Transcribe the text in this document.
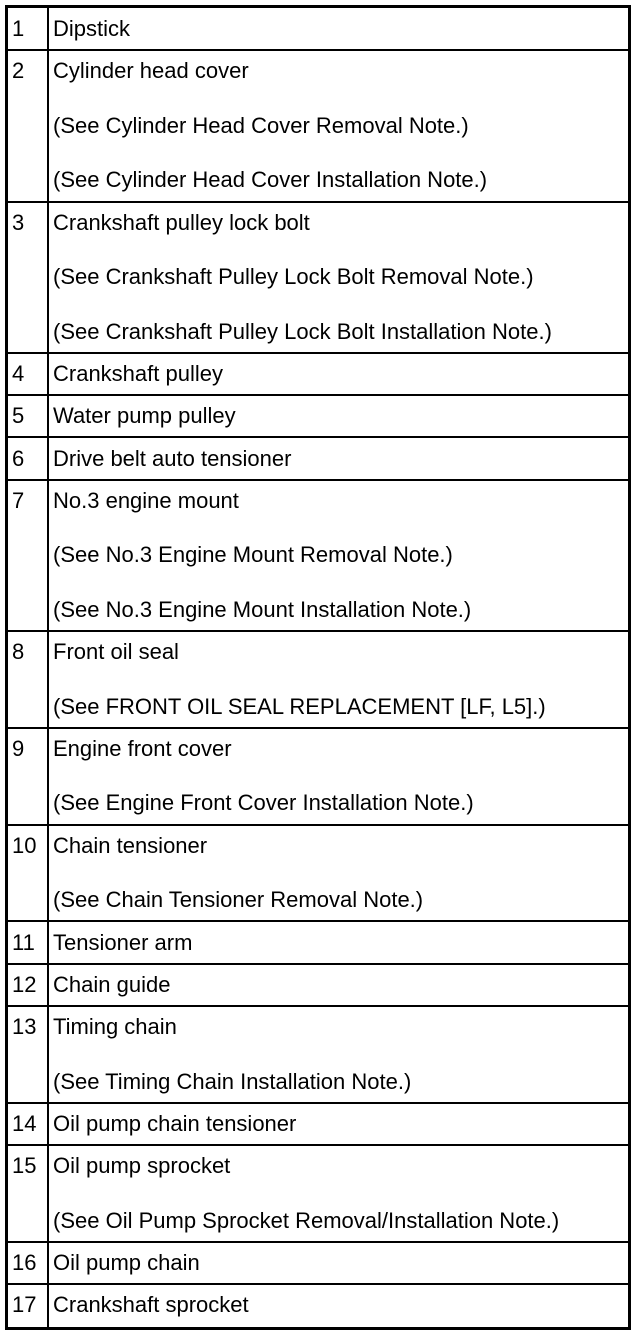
1 Dipstick
2 Cylinder head cover
(See Cylinder Head Cover Removal Note.)
(See Cylinder Head Cover Installation Note.)
3 Crankshaft pulley lock bolt
(See Crankshaft Pulley Lock Bolt Removal Note.)
(See Crankshaft Pulley Lock Bolt Installation Note.)
4 Crankshaft pulley
5 Water pump pulley
6 Drive belt auto tensioner
7 No.3 engine mount
(See No.3 Engine Mount Removal Note.)
(See No.3 Engine Mount Installation Note.)
8 Front oil seal
(See FRONT OIL SEAL REPLACEMENT [LF, L5].)
9 Engine front cover
(See Engine Front Cover Installation Note.)
10 Chain tensioner
(See Chain Tensioner Removal Note.)
11 Tensioner arm
12 Chain guide
13 Timing chain
(See Timing Chain Installation Note.)
14 Oil pump chain tensioner
15 Oil pump sprocket
(See Oil Pump Sprocket Removal/Installation Note.)
16 Oil pump chain
17 Crankshaft sprocket
